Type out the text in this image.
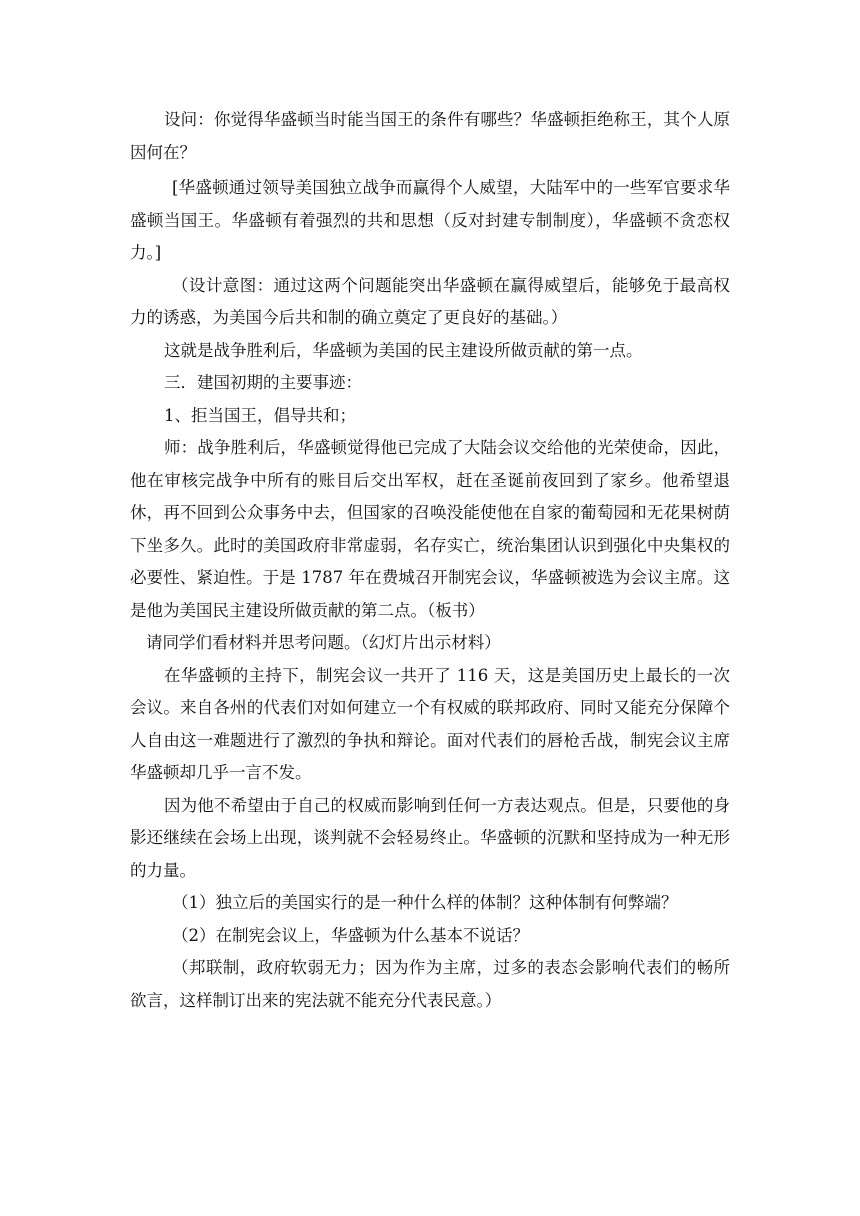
设问：你觉得华盛顿当时能当国王的条件有哪些？华盛顿拒绝称王，其个人原因何在？

[华盛顿通过领导美国独立战争而赢得个人威望，大陆军中的一些军官要求华盛顿当国王。华盛顿有着强烈的共和思想（反对封建专制制度），华盛顿不贪恋权力。]

（设计意图：通过这两个问题能突出华盛顿在赢得威望后，能够免于最高权力的诱惑，为美国今后共和制的确立奠定了更良好的基础。）

这就是战争胜利后，华盛顿为美国的民主建设所做贡献的第一点。

三．建国初期的主要事迹：

1、拒当国王，倡导共和；

师：战争胜利后，华盛顿觉得他已完成了大陆会议交给他的光荣使命，因此，他在审核完战争中所有的账目后交出军权，赶在圣诞前夜回到了家乡。他希望退休，再不回到公众事务中去，但国家的召唤没能使他在自家的葡萄园和无花果树荫下坐多久。此时的美国政府非常虚弱，名存实亡，统治集团认识到强化中央集权的必要性、紧迫性。于是 1787 年在费城召开制宪会议，华盛顿被选为会议主席。这是他为美国民主建设所做贡献的第二点。（板书）

请同学们看材料并思考问题。（幻灯片出示材料）

在华盛顿的主持下，制宪会议一共开了 116 天，这是美国历史上最长的一次会议。来自各州的代表们对如何建立一个有权威的联邦政府、同时又能充分保障个人自由这一难题进行了激烈的争执和辩论。面对代表们的唇枪舌战，制宪会议主席华盛顿却几乎一言不发。

因为他不希望由于自己的权威而影响到任何一方表达观点。但是，只要他的身影还继续在会场上出现，谈判就不会轻易终止。华盛顿的沉默和坚持成为一种无形的力量。

（1）独立后的美国实行的是一种什么样的体制？这种体制有何弊端？

（2）在制宪会议上，华盛顿为什么基本不说话？

（邦联制，政府软弱无力；因为作为主席，过多的表态会影响代表们的畅所欲言，这样制订出来的宪法就不能充分代表民意。）
